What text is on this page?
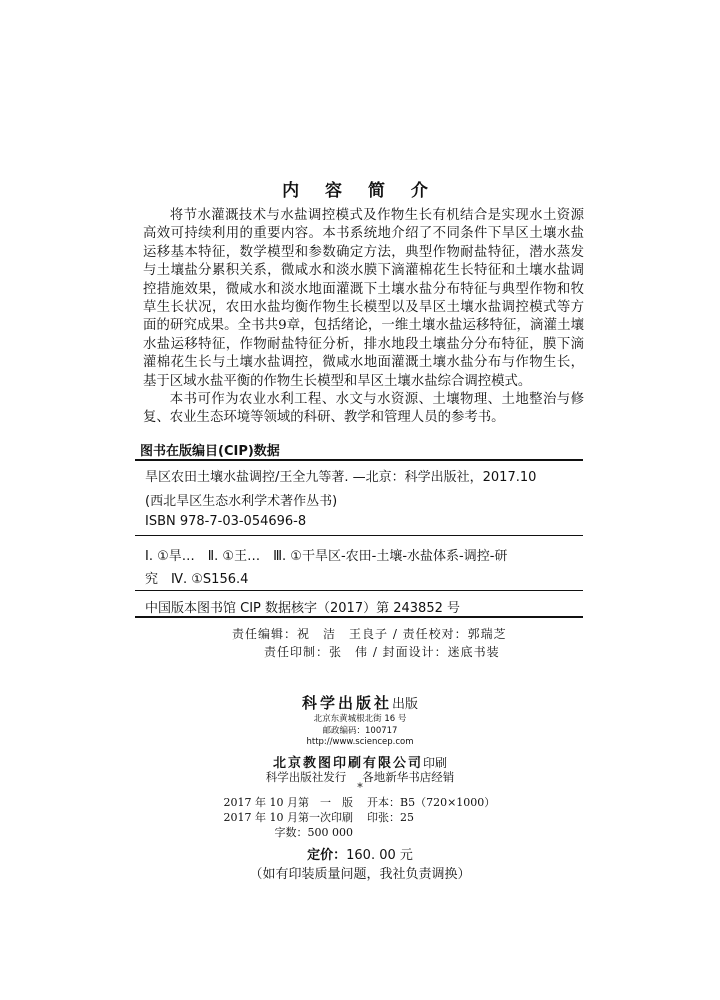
内 容 简 介

将节水灌溉技术与水盐调控模式及作物生长有机结合是实现水土资源高效可持续利用的重要内容。本书系统地介绍了不同条件下旱区土壤水盐运移基本特征，数学模型和参数确定方法，典型作物耐盐特征，潜水蒸发与土壤盐分累积关系，微咸水和淡水膜下滴灌棉花生长特征和土壤水盐调控措施效果，微咸水和淡水地面灌溉下土壤水盐分布特征与典型作物和牧草生长状况，农田水盐均衡作物生长模型以及旱区土壤水盐调控模式等方面的研究成果。全书共9章，包括绪论，一维土壤水盐运移特征，滴灌土壤水盐运移特征，作物耐盐特征分析，排水地段土壤盐分分布特征，膜下滴灌棉花生长与土壤水盐调控，微咸水地面灌溉土壤水盐分布与作物生长，基于区域水盐平衡的作物生长模型和旱区土壤水盐综合调控模式。

本书可作为农业水利工程、水文与水资源、土壤物理、土地整治与修复、农业生态环境等领域的科研、教学和管理人员的参考书。

图书在版编目(CIP)数据
旱区农田土壤水盐调控/王全九等著. —北京：科学出版社，2017.10
(西北旱区生态水利学术著作丛书)
ISBN 978-7-03-054696-8
Ⅰ. ①旱…　Ⅱ. ①王…　Ⅲ. ①干旱区-农田-土壤-水盐体系-调控-研
究　Ⅳ. ①S156.4
中国版本图书馆 CIP 数据核字（2017）第 243852 号
责任编辑：祝　洁　王良子 / 责任校对：郭瑞芝
责任印制：张　伟 / 封面设计：迷底书装
科学出版社出版
北京东黄城根北街 16 号
邮政编码：100717
http://www.sciencep.com
北京教图印刷有限公司印刷
科学出版社发行 各地新华书店经销
*
2017 年 10 月第　一　版	开本：B5（720×1000）
2017 年 10 月第一次印刷	印张：25
字数：500 000
定价：160. 00 元
（如有印装质量问题，我社负责调换）
